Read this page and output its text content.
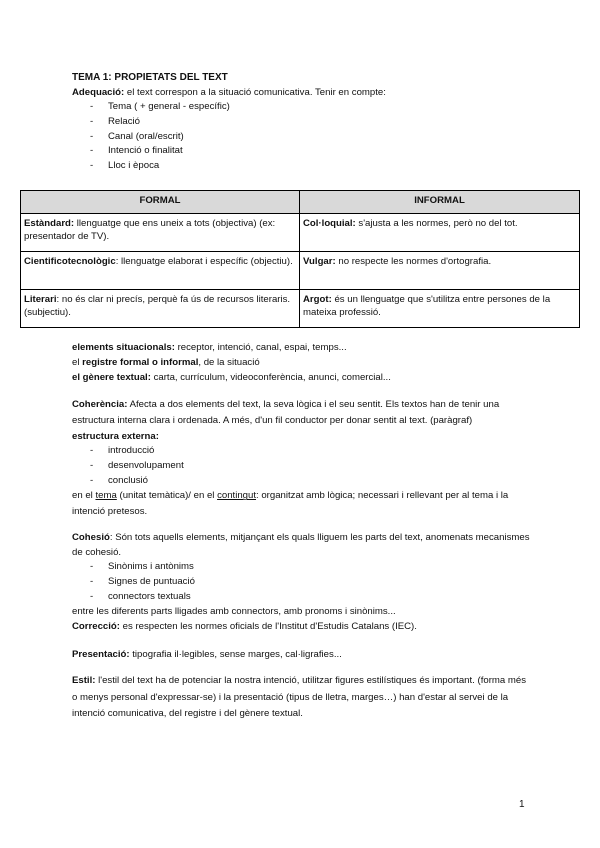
TEMA 1: PROPIETATS DEL TEXT
Adequació: el text correspon a la situació comunicativa. Tenir en compte:
- Tema ( + general - específic)
- Relació
- Canal (oral/escrit)
- Intenció o finalitat
- Lloc i època
FORMAL	INFORMAL
Estàndard: llenguatge que ens uneix a tots (objectiva) (ex: presentador de TV).	Col·loquial: s'ajusta a les normes, però no del tot.
Cientificotecnològic: llenguatge elaborat i específic (objectiu).	Vulgar: no respecte les normes d'ortografia.
Literari: no és clar ni precís, perquè fa ús de recursos literaris. (subjectiu).	Argot: és un llenguatge que s'utilitza entre persones de la mateixa professió.
elements situacionals: receptor, intenció, canal, espai, temps...
el registre formal o informal, de la situació
el gènere textual: carta, currículum, videoconferència, anunci, comercial...
Coherència: Afecta a dos elements del text, la seva lògica i el seu sentit. Els textos han de tenir una estructura interna clara i ordenada. A més, d'un fil conductor per donar sentit al text. (paràgraf)
estructura externa:
- introducció
- desenvolupament
- conclusió
en el tema (unitat temàtica)/ en el contingut: organitzat amb lògica; necessari i rellevant per al tema i la intenció pretesos.
Cohesió: Són tots aquells elements, mitjançant els quals lliguem les parts del text, anomenats mecanismes de cohesió.
- Sinònims i antònims
- Signes de puntuació
- connectors textuals
entre les diferents parts lligades amb connectors, amb pronoms i sinònims...
Correcció: es respecten les normes oficials de l'Institut d'Estudis Catalans (IEC).
Presentació: tipografia il·legibles, sense marges, cal·ligrafies...
Estil: l'estil del text ha de potenciar la nostra intenció, utilitzar figures estilístiques és important. (forma més o menys personal d'expressar-se) i la presentació (tipus de lletra, marges…) han d'estar al servei de la intenció comunicativa, del registre i del gènere textual.
1
